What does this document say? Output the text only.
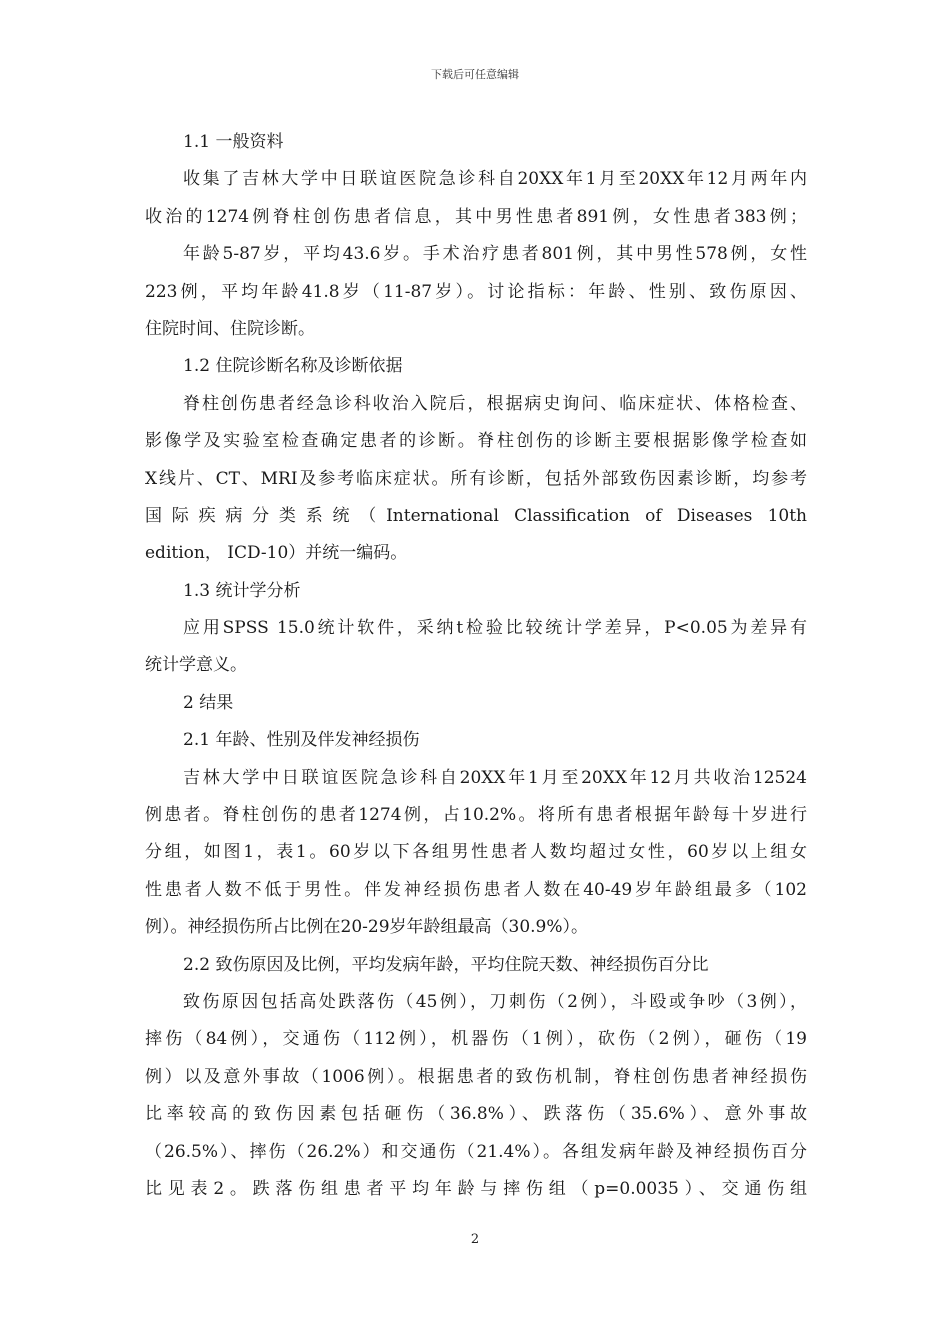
下载后可任意编辑
1.1 一般资料
收集了吉林大学中日联谊医院急诊科自20XX年1月至20XX年12月两年内
收治的1274例脊柱创伤患者信息，其中男性患者891例，女性患者383例；
年龄5-87岁，平均43.6岁。手术治疗患者801例，其中男性578例，女性
223例，平均年龄41.8岁（11-87岁）。讨论指标：年龄、性别、致伤原因、
住院时间、住院诊断。
1.2 住院诊断名称及诊断依据
脊柱创伤患者经急诊科收治入院后，根据病史询问、临床症状、体格检查、
影像学及实验室检查确定患者的诊断。脊柱创伤的诊断主要根据影像学检查如
X线片、CT、MRI及参考临床症状。所有诊断，包括外部致伤因素诊断，均参考
国际疾病分类系统（International Classification of Diseases 10th
edition， ICD-10）并统一编码。
1.3 统计学分析
应用SPSS 15.0统计软件，采纳t检验比较统计学差异，P<0.05为差异有
统计学意义。
2 结果
2.1 年龄、性别及伴发神经损伤
吉林大学中日联谊医院急诊科自20XX年1月至20XX年12月共收治12524
例患者。脊柱创伤的患者1274例，占10.2%。将所有患者根据年龄每十岁进行
分组，如图1，表1。60岁以下各组男性患者人数均超过女性，60岁以上组女
性患者人数不低于男性。伴发神经损伤患者人数在40-49岁年龄组最多（102
例）。神经损伤所占比例在20-29岁年龄组最高（30.9%）。
2.2 致伤原因及比例，平均发病年龄，平均住院天数、神经损伤百分比
致伤原因包括高处跌落伤（45例），刀刺伤（2例），斗殴或争吵（3例），
摔伤（84例），交通伤（112例），机器伤（1例），砍伤（2例），砸伤（19
例）以及意外事故（1006例）。根据患者的致伤机制，脊柱创伤患者神经损伤
比率较高的致伤因素包括砸伤（36.8%）、跌落伤（35.6%）、意外事故
（26.5%）、摔伤（26.2%）和交通伤（21.4%）。各组发病年龄及神经损伤百分
比见表2。跌落伤组患者平均年龄与摔伤组（p=0.0035）、交通伤组
2
